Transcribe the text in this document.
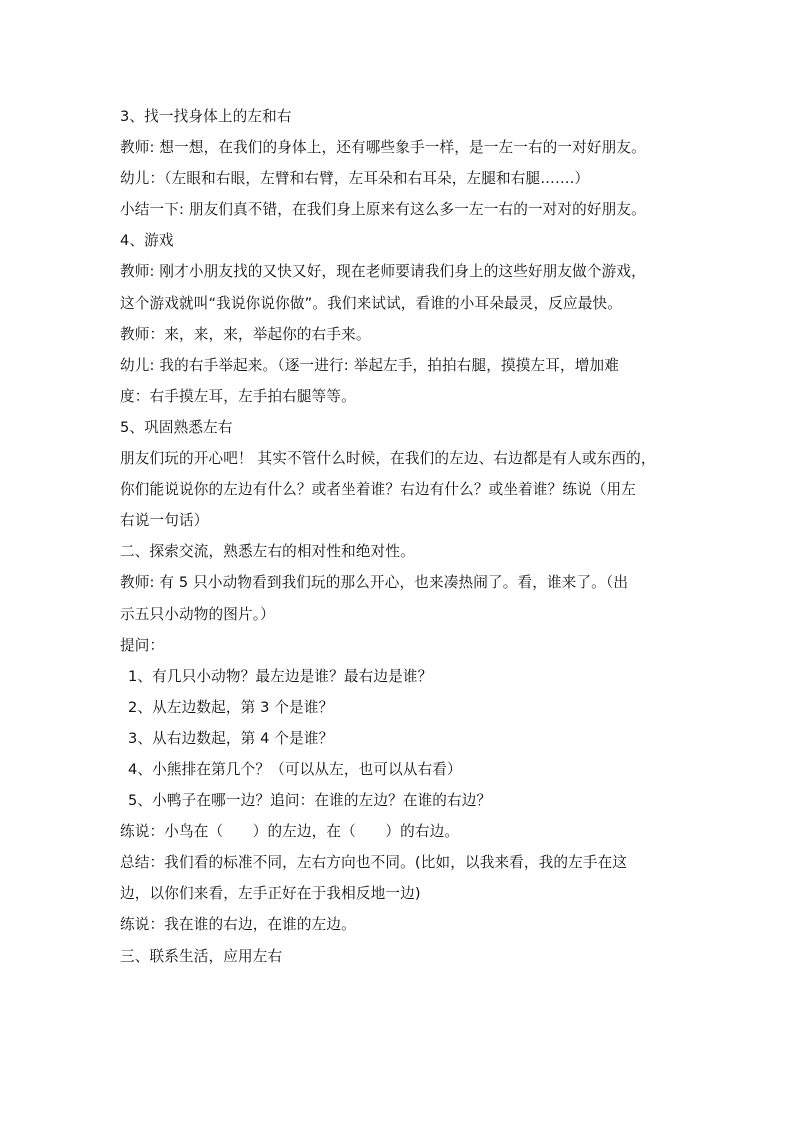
3、找一找身体上的左和右
教师: 想一想，在我们的身体上，还有哪些象手一样，是一左一右的一对好朋友。
幼儿：（左眼和右眼，左臂和右臂，左耳朵和右耳朵，左腿和右腿…….）
小结一下: 朋友们真不错，在我们身上原来有这么多一左一右的一对对的好朋友。
4、游戏
教师: 刚才小朋友找的又快又好，现在老师要请我们身上的这些好朋友做个游戏，
这个游戏就叫“我说你说你做”。我们来试试，看谁的小耳朵最灵，反应最快。
教师：来，来，来，举起你的右手来。
幼儿: 我的右手举起来。（逐一进行: 举起左手，拍拍右腿，摸摸左耳，增加难
度：右手摸左耳，左手拍右腿等等。
5、巩固熟悉左右
朋友们玩的开心吧！ 其实不管什么时候，在我们的左边、右边都是有人或东西的，
你们能说说你的左边有什么？或者坐着谁？右边有什么？或坐着谁？练说（用左
右说一句话）
二、探索交流，熟悉左右的相对性和绝对性。
教师: 有 5 只小动物看到我们玩的那么开心，也来凑热闹了。看，谁来了。（出
示五只小动物的图片。）
提问：
1、有几只小动物？最左边是谁？最右边是谁？
2、从左边数起，第 3 个是谁？
3、从右边数起，第 4 个是谁？
4、小熊排在第几个？（可以从左，也可以从右看）
5、小鸭子在哪一边？追问：在谁的左边？在谁的右边？
练说：小鸟在（　　）的左边，在（　　）的右边。
总结：我们看的标准不同，左右方向也不同。(比如，以我来看，我的左手在这
边，以你们来看，左手正好在于我相反地一边)
练说：我在谁的右边，在谁的左边。
三、联系生活，应用左右
